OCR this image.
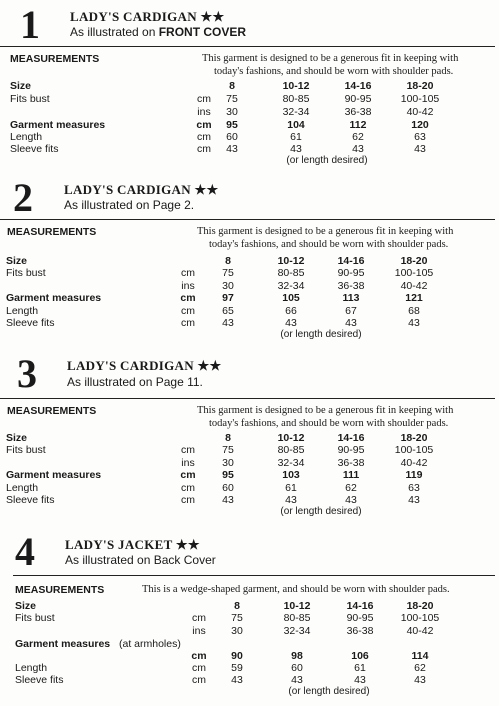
1 LADY'S CARDIGAN ★★
As illustrated on FRONT COVER
MEASUREMENTS	This garment is designed to be a generous fit in keeping with
today's fashions, and should be worn with shoulder pads.
Size	8	10-12	14-16	18-20
Fits bust	cm 75	80-85	90-95	100-105
ins 30	32-34	36-38	40-42
Garment measures	cm 95	104	112	120
Length	cm 60	61	62	63
Sleeve fits	cm 43	43	43	43
(or length desired)
2 LADY'S CARDIGAN ★★
As illustrated on Page 2.
MEASUREMENTS	This garment is designed to be a generous fit in keeping with
today's fashions, and should be worn with shoulder pads.
Size	8	10-12	14-16	18-20
Fits bust	cm	75	80-85	90-95	100-105
ins	30	32-34	36-38	40-42
Garment measures	cm	97	105	113	121
Length	cm	65	66	67	68
Sleeve fits	cm	43	43	43	43
(or length desired)
3 LADY'S CARDIGAN ★★
As illustrated on Page 11.
MEASUREMENTS	This garment is designed to be a generous fit in keeping with
today's fashions, and should be worn with shoulder pads.
Size	8	10-12	14-16	18-20
Fits bust	cm	75	80-85	90-95	100-105
ins	30	32-34	36-38	40-42
Garment measures	cm	95	103	111	119
Length	cm	60	61	62	63
Sleeve fits	cm	43	43	43	43
(or length desired)
4 LADY'S JACKET ★★
As illustrated on Back Cover
MEASUREMENTS	This is a wedge-shaped garment, and should be worn with shoulder pads.
Size	8	10-12	14-16	18-20
Fits bust	cm 75	80-85	90-95	100-105
ins 30	32-34	36-38	40-42
Garment measures (at armholes)
cm 90	98	106	114
Length	cm 59	60	61	62
Sleeve fits	cm 43	43	43	43
(or length desired)
